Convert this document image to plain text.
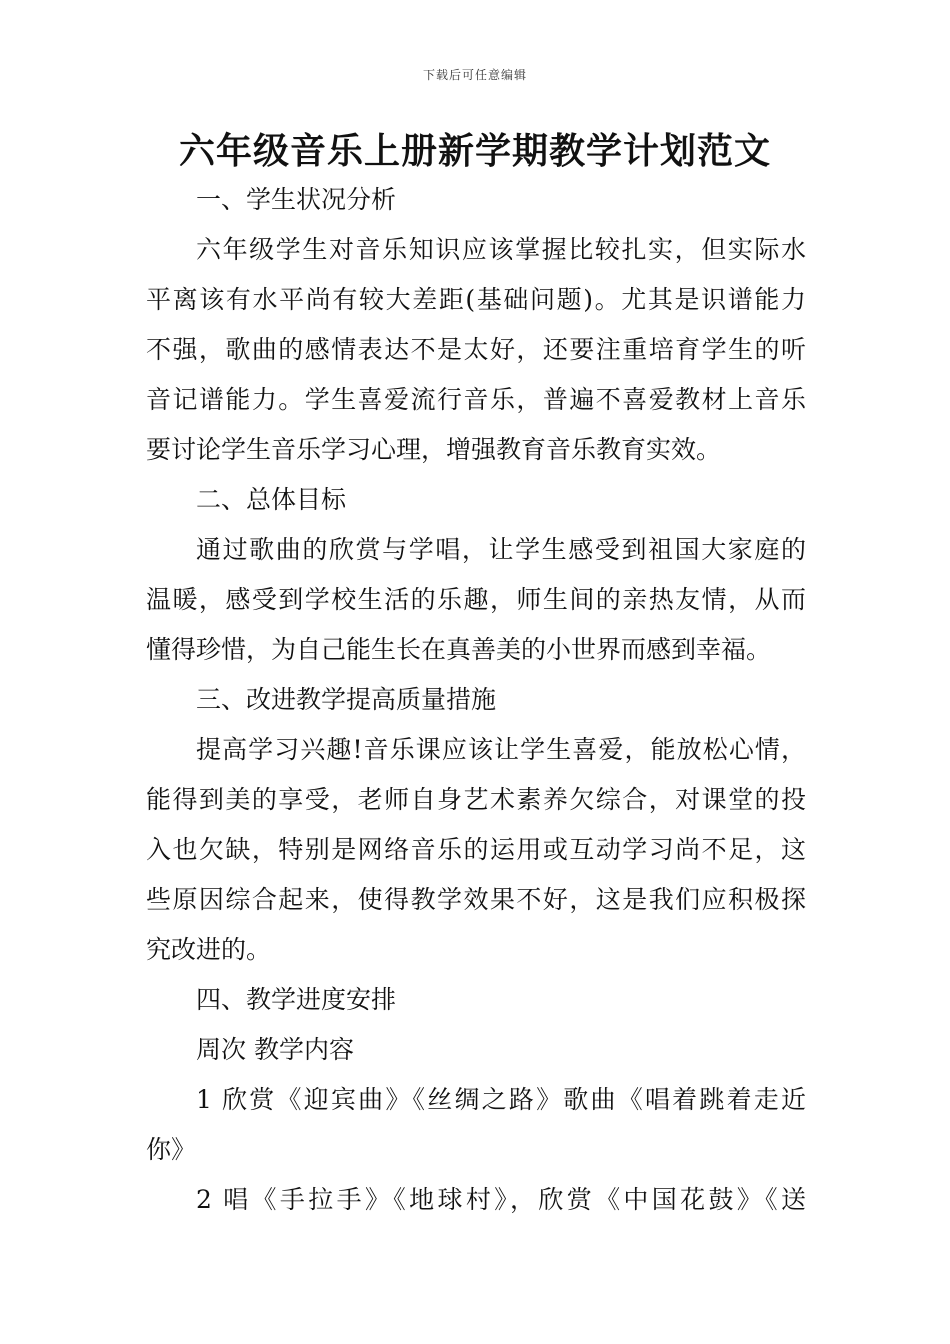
下载后可任意编辑
六年级音乐上册新学期教学计划范文
一、学生状况分析
六年级学生对音乐知识应该掌握比较扎实，但实际水
平离该有水平尚有较大差距(基础问题)。尤其是识谱能力
不强，歌曲的感情表达不是太好，还要注重培育学生的听
音记谱能力。学生喜爱流行音乐，普遍不喜爱教材上音乐
要讨论学生音乐学习心理，增强教育音乐教育实效。
二、总体目标
通过歌曲的欣赏与学唱，让学生感受到祖国大家庭的
温暖，感受到学校生活的乐趣，师生间的亲热友情，从而
懂得珍惜，为自己能生长在真善美的小世界而感到幸福。
三、改进教学提高质量措施
提高学习兴趣!音乐课应该让学生喜爱，能放松心情，
能得到美的享受，老师自身艺术素养欠综合，对课堂的投
入也欠缺，特别是网络音乐的运用或互动学习尚不足，这
些原因综合起来，使得教学效果不好，这是我们应积极探
究改进的。
四、教学进度安排
周次 教学内容
1 欣赏《迎宾曲》《丝绸之路》歌曲《唱着跳着走近
你》
2 唱《手拉手》《地球村》，欣赏《中国花鼓》《送
